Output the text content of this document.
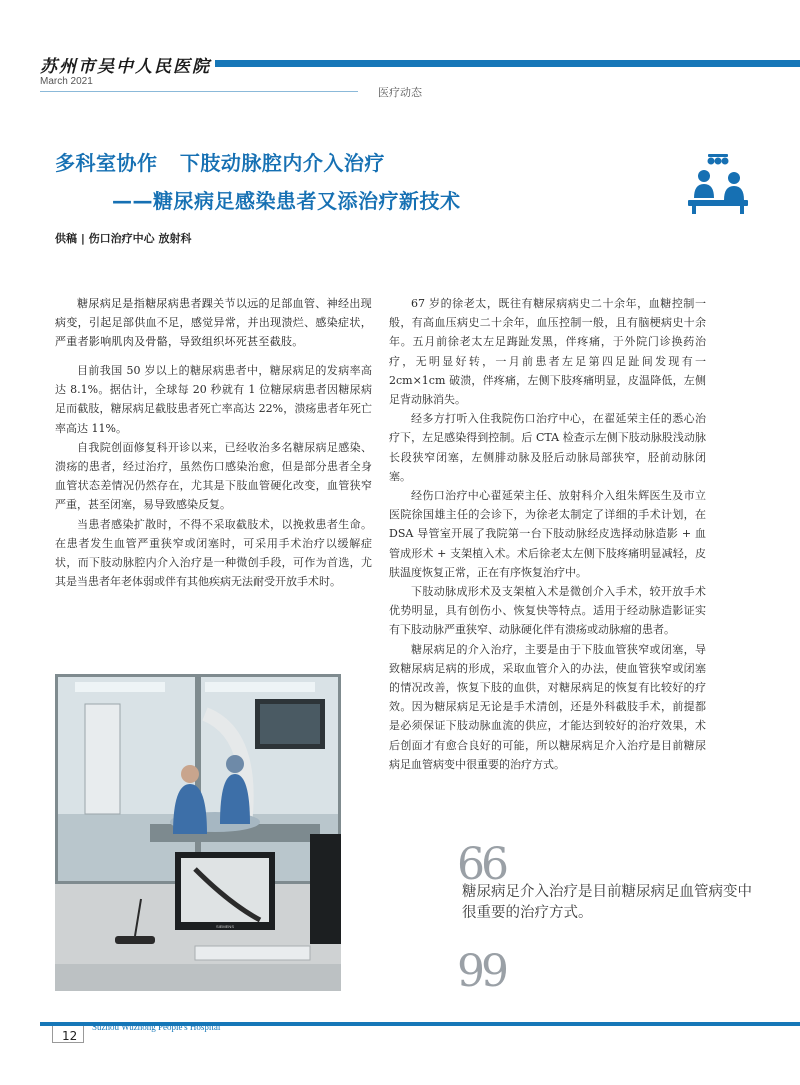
苏州市吴中人民医院
March 2021
医疗动态
多科室协作   下肢动脉腔内介入治疗
——糖尿病足感染患者又添治疗新技术
供稿 | 伤口治疗中心 放射科

糖尿病足是指糖尿病患者踝关节以远的足部血管、神经出现病变，引起足部供血不足，感觉异常，并出现溃烂、感染症状，严重者影响肌肉及骨骼，导致组织坏死甚至截肢。

目前我国 50 岁以上的糖尿病患者中，糖尿病足的发病率高达 8.1%。据估计，全球每 20 秒就有 1 位糖尿病患者因糖尿病足而截肢，糖尿病足截肢患者死亡率高达 22%，溃疡患者年死亡率高达 11%。

自我院创面修复科开诊以来，已经收治多名糖尿病足感染、溃疡的患者，经过治疗，虽然伤口感染治愈，但是部分患者全身血管状态差情况仍然存在，尤其是下肢血管硬化改变，血管狭窄严重，甚至闭塞，易导致感染反复。

当患者感染扩散时，不得不采取截肢术，以挽救患者生命。在患者发生血管严重狭窄或闭塞时，可采用手术治疗以缓解症状，而下肢动脉腔内介入治疗是一种微创手段，可作为首选，尤其是当患者年老体弱或伴有其他疾病无法耐受开放手术时。

67 岁的徐老太，既往有糖尿病病史二十余年，血糖控制一般，有高血压病史二十余年，血压控制一般，且有脑梗病史十余年。五月前徐老太左足踇趾发黑，伴疼痛，于外院门诊换药治疗，无明显好转，一月前患者左足第四足趾间发现有一 2cm×1cm 破溃，伴疼痛，左侧下肢疼痛明显，皮温降低，左侧足背动脉消失。

经多方打听入住我院伤口治疗中心，在翟延荣主任的悉心治疗下，左足感染得到控制。后 CTA 检查示左侧下肢动脉股浅动脉长段狭窄闭塞，左侧腓动脉及胫后动脉局部狭窄，胫前动脉闭塞。

经伤口治疗中心翟延荣主任、放射科介入组朱辉医生及市立医院徐国雄主任的会诊下，为徐老太制定了详细的手术计划，在 DSA 导管室开展了我院第一台下肢动脉经皮选择动脉造影 + 血管成形术 + 支架植入术。术后徐老太左侧下肢疼痛明显减轻，皮肤温度恢复正常，正在有序恢复治疗中。

下肢动脉成形术及支架植入术是微创介入手术，较开放手术优势明显，具有创伤小、恢复快等特点。适用于经动脉造影证实有下肢动脉严重狭窄、动脉硬化伴有溃疡或动脉瘤的患者。

糖尿病足的介入治疗，主要是由于下肢血管狭窄或闭塞，导致糖尿病足病的形成，采取血管介入的办法，使血管狭窄或闭塞的情况改善，恢复下肢的血供，对糖尿病足的恢复有比较好的疗效。因为糖尿病足无论是手术清创，还是外科截肢手术，前提都是必须保证下肢动脉血流的供应，才能达到较好的治疗效果，术后创面才有愈合良好的可能，所以糖尿病足介入治疗是目前糖尿病足血管病变中很重要的治疗方式。

SIEMENS
66
糖尿病足介入治疗是目前糖尿病足血管病变中很重要的治疗方式。
99
12
Suzhou Wuzhong People's Hospital
